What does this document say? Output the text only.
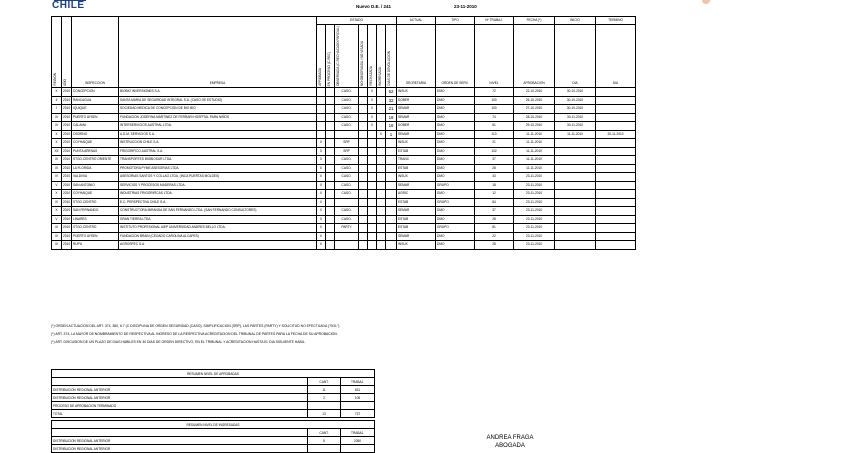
CHILE	Nuevo D.E. / 241	23-11-2010
REGION	AÑO	INSPECCION	EMPRESA	ESTADO							ACTUAL	TIPO	Nº TRABAJ.	FECHA (*)	INICIO	TERMINO

				APROBADA	EN PROCESO (C-REC)	OBSERVADA (C-RECHAZADO PARCIAL)	NO OBSERVADA / NO VISADA	RECHAZADA	INGRESADA	DIAS DE DEVOLUCION	SECRETARIA	ORDEN DE SERV.	NIVEL	APROBACION	DIA	DIA
X	2010	CONCEPCION	BIOBIO INVERSIONES S.A.			CASO.		X		52	INSUX	DMO	72	22-10-2010	30-10-2010	
II	2010	RANCAGUA	SANTA MARIA DE SEGURIDAD INTEGRAL S.A. (CASO DE ESTUDIO)			CASO.		X		32	DOBER	DMO	100	26-10-2010	30-10-2010	
I	2010	IQUIQUE	SOCIEDAD MEDICA DE CONCEPCION DE BIO BIO			CASO.		X		21	SEMAR	DMO	100	27-10-2010	30-10-2010	
XI	2010	PUERTO AYSEN	FUNDACION JOSEFINA MARTINEZ DE FERRARI HOSPITAL PARA NIÑOS			CASO.		X		18	SEMAR	DMO	74	28-10-2010	30-11-2010	
XI	2010	CALAMA	INTERSERVICIOS AUSTRAL LTDA.			CASO.		X		18	DOBER	DMO	81	29-10-2010	30-11-2010	
X	2010	OSORNO	A.D.M. SERVICIOS S.A.						X	1	SEMAR	DMO	113	11-11-2010	11-11-2010	20-11-2010
X	2010	COYHAIQUE	INSTRUCCION CHILE S.A.	X		SRP					INSUX	DMO	21	11-11-2010		
XII	2010	PUNTA ARENAS	FRIGORIFICO AUSTRAL S.A.	X		SRP					ESTAB	DMO	102	11-11-2010		
XI	2010	STGO.CENTRO ORIENTE	TRANSPORTES BIOBIOSUR LTDA.	X		CASO.					TRANC	DMO	37	11-11-2010		
XI	2010	LA FLORIDA	PROMOTORA PYME ASESORIAS LTDA.	X		CASO.					ESTAB	DMO	28	11-11-2010		
IV	2010	VALDIVIA	ASESORIAS SANTOS Y COLLAO LTDA. (INCA PUERTAS MOLDES)	X		CASO.					INSUX	DMO	43	23-11-2010		
V	2010	SAN ANTONIO	SERVICIOS Y PROCESOS MADERAS LTDA.	X		CASO.					SEMAR	GRUPO	18	23-11-2010		
X	2010	COYHAIQUE	INDUSTRIAS FRIGORIFICAS LTDA.	X		CASO.					AGRIC	DMO	12	23-11-2010		
XI	2010	STGO.CENTRO	E.C. PERSPECTIVA CHILE S.A.	X							ESTAB	GRUPO	84	23-11-2010		
X	2010	SAN FERNANDO	CONSTRUCTORA MIRANDA DE SAN FERNANDO LTDA. (SAN FERNANDO CONSULTORES)	X		CASO.					SEMAR	DMO	37	23-11-2010		
V	2010	LINARES	GRAN TIERRA LTDA.	X		CASO.					ESTAB	DMO	28	23-11-2010		
XI	2010	STGO.CENTRO	INSTITUTO PROFESIONAL AIEP UNIVERSIDAD ANDRES BELLO LTDA.	X		PARTY					ESTAB	GRUPO	81	23-11-2010		
XI	2010	PUERTO AYSEN	FUNDACION BRAIN (CEGADO CAROLINA ALCAPES)	X							SEMAR	DMO	22	23-11-2010		
XI	2010	RUPU	AGROSPEC S.A.	X							INSUX	DMO	28	23-11-2010		
(*) ORDEN ACTUACION DEL ART. 374, 380, 6.7 (C.DISCIPLINA DE ORDEN SEGURIDAD (CASO), SIMPLIFICACION (SRP), LAS PARTES (PARTY) Y SOLICITUD NO EFECTUADA ("SOL")
(*) ART. 374, LA MAYOR DE NOMBRAMIENTO DE RESPECTIVA AL INGRESO DE LA RESPECTIVA ACREDITACION DEL TRIBUNAL DE PARTES PARA LA FECHA DE SU APROBACION.
(*) ART. DISCUSION DE UN PLAZO DE DIAS HABILES EN 30 DIAS DE ORDEN DIRECTIVO, EN EL TRIBUNAL Y ACREDITACION HASTA EL DIA SIGUIENTE HABIL.
RESUMEN NIVEL DE APROBADAS		
	CANT.	TRABAJ.
DISTRIBUCION REGIONAL ANTERIOR	11	631
DISTRIBUCION REGIONAL ANTERIOR	2	105
PROCESO DE APROBACION TERMINADO		
TOTAL	13	737
RESUMEN NIVEL DE INGRESADAS		
	CANT.	TRABAJ.
DISTRIBUCION REGIONAL ANTERIOR	5	2050
DISTRIBUCION REGIONAL ANTERIOR		
ANDREA FRAGA
ABOGADA
